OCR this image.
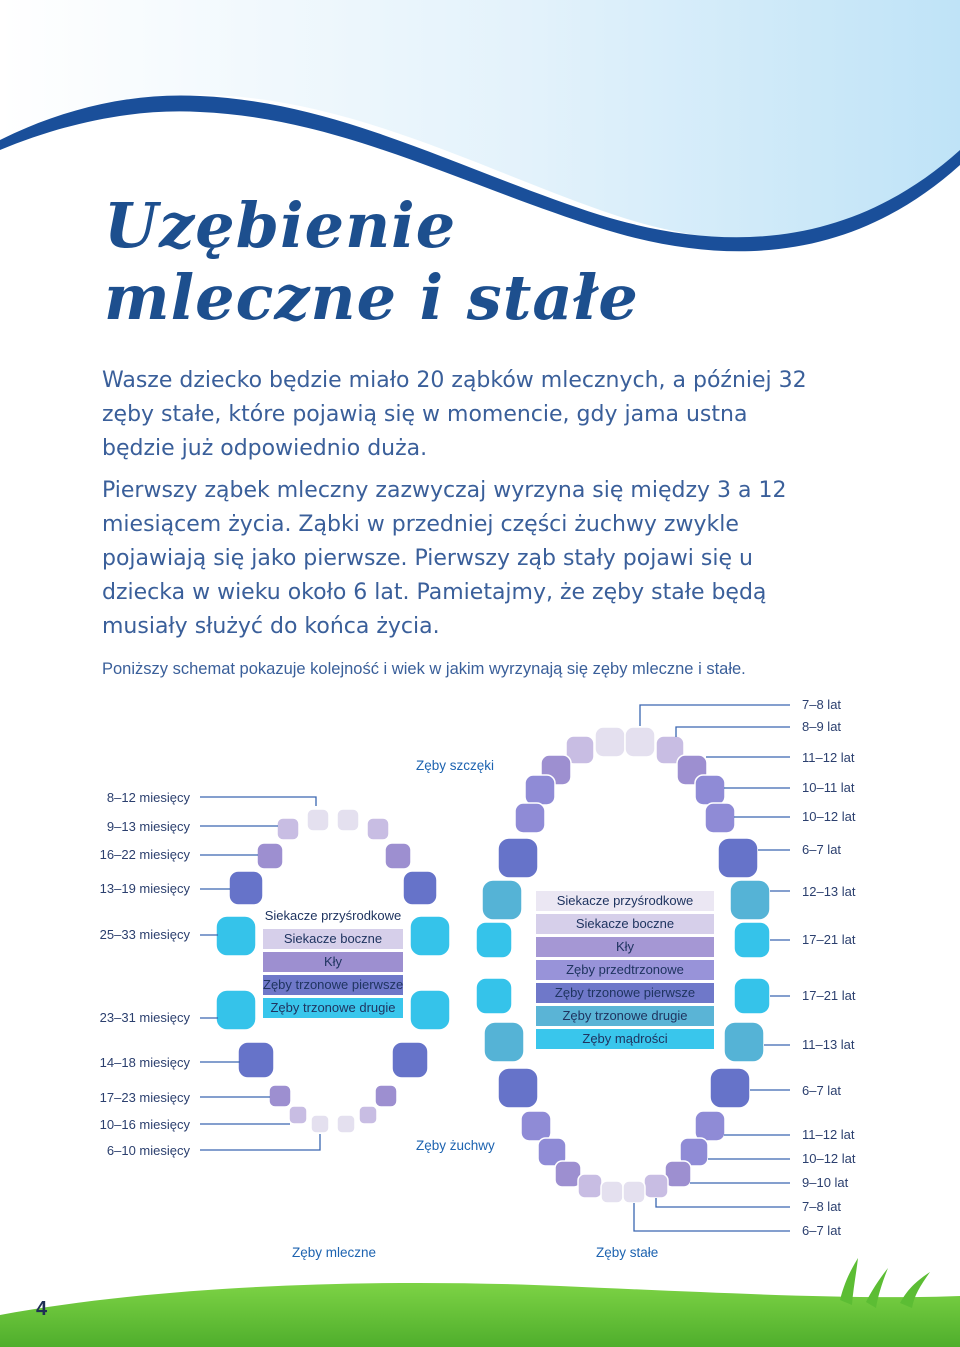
Uzębienie
mleczne i stałe

Wasze dziecko będzie miało 20 ząbków mlecznych, a później 32 zęby stałe, które pojawią się w momencie, gdy jama ustna będzie już odpowiednio duża.

Pierwszy ząbek mleczny zazwyczaj wyrzyna się między 3 a 12 miesiącem życia. Ząbki w przedniej części żuchwy zwykle pojawiają się jako pierwsze. Pierwszy ząb stały pojawi się u dziecka w wieku około 6 lat. Pamietajmy, że zęby stałe będą musiały służyć do końca życia.

Poniższy schemat pokazuje kolejność i wiek w jakim wyrzynają się zęby mleczne i stałe.

8–12 miesięcy
9–13 miesięcy
16–22 miesięcy
13–19 miesięcy
25–33 miesięcy
23–31 miesięcy
14–18 miesięcy
17–23 miesięcy
10–16 miesięcy
6–10 miesięcy
7–8 lat
8–9 lat
11–12 lat
10–11 lat
10–12 lat
6–7 lat
12–13 lat
17–21 lat
17–21 lat
11–13 lat
6–7 lat
11–12 lat
10–12 lat
9–10 lat
7–8 lat
6–7 lat
Zęby szczęki
Zęby żuchwy
Zęby mleczne	Zęby stałe
Siekacze przyśrodkowe
Siekacze boczne
Kły
Zęby trzonowe pierwsze
Zęby trzonowe drugie
Siekacze przyśrodkowe
Siekacze boczne
Kły
Zęby przedtrzonowe
Zęby trzonowe pierwsze
Zęby trzonowe drugie
Zęby mądrości
4
